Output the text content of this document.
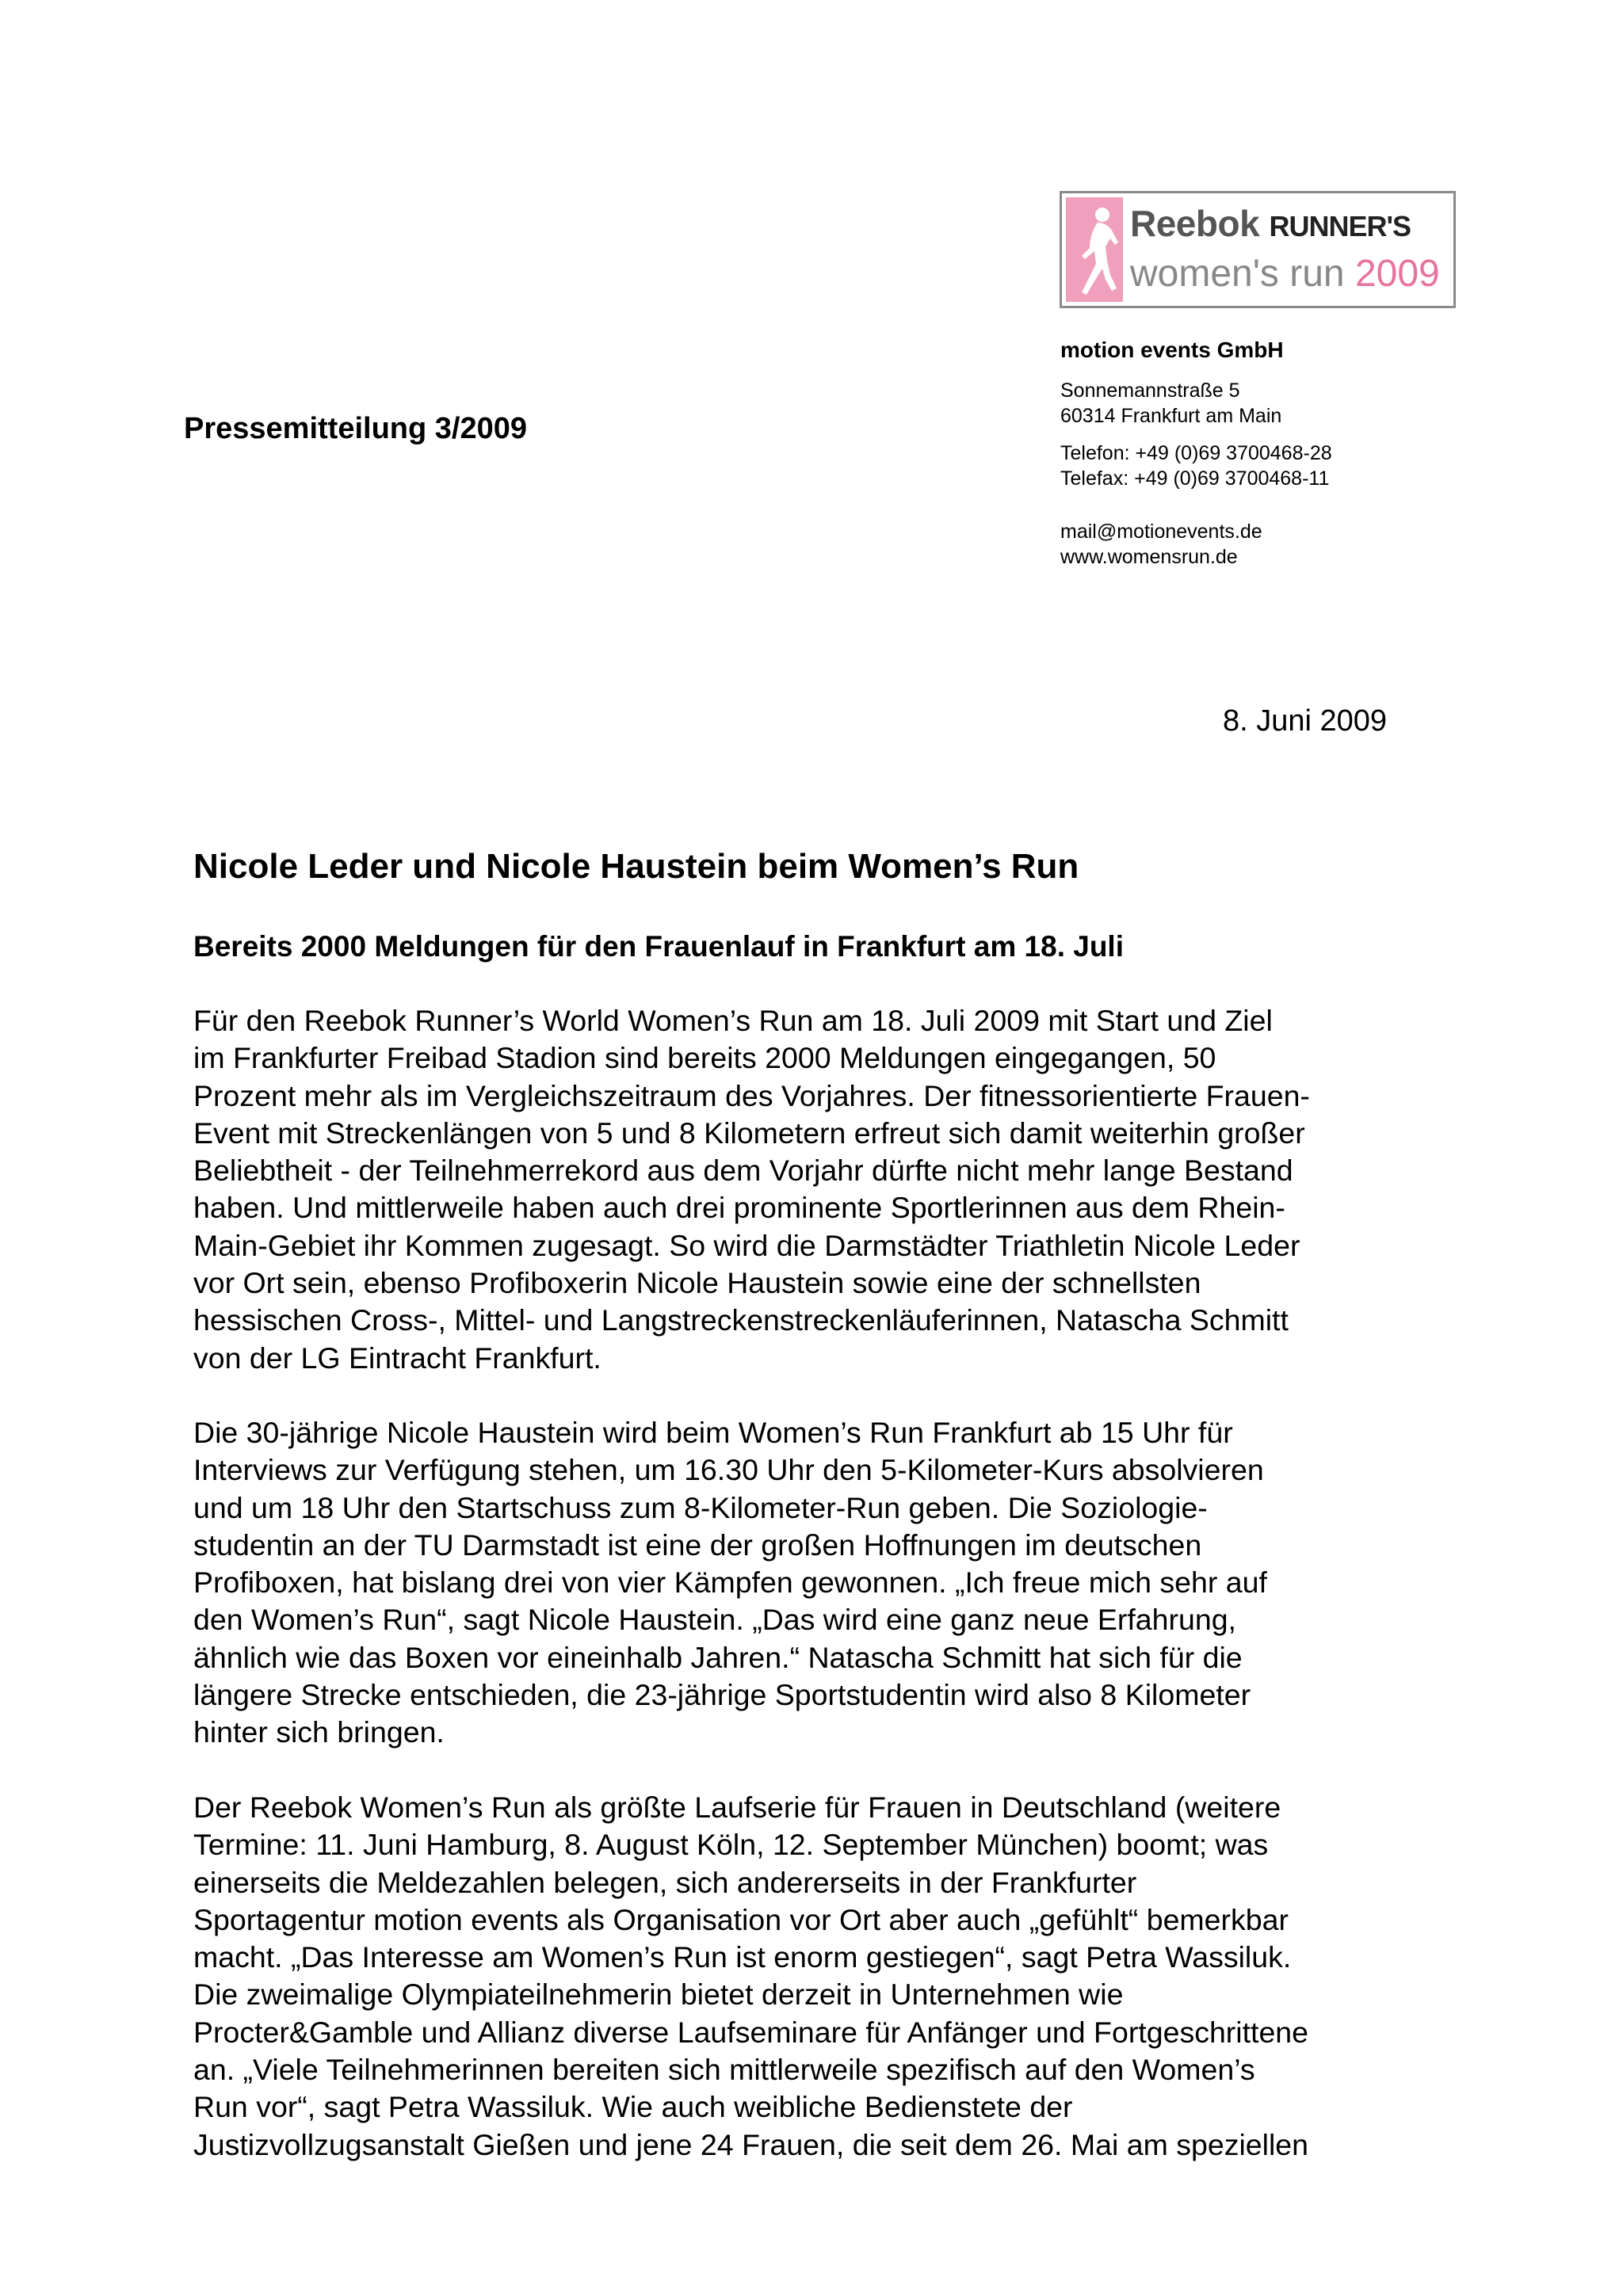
Reebok RUNNER'S
women's run 2009
motion events GmbH
Sonnemannstraße 5
60314 Frankfurt am Main
Telefon: +49 (0)69 3700468-28
Telefax: +49 (0)69 3700468-11
mail@motionevents.de
www.womensrun.de
Pressemitteilung 3/2009
8. Juni 2009
Nicole Leder und Nicole Haustein beim Women’s Run
Bereits 2000 Meldungen für den Frauenlauf in Frankfurt am 18. Juli
Für den Reebok Runner’s World Women’s Run am 18. Juli 2009 mit Start und Ziel
im Frankfurter Freibad Stadion sind bereits 2000 Meldungen eingegangen, 50
Prozent mehr als im Vergleichszeitraum des Vorjahres. Der fitnessorientierte Frauen-
Event mit Streckenlängen von 5 und 8 Kilometern erfreut sich damit weiterhin großer
Beliebtheit - der Teilnehmerrekord aus dem Vorjahr dürfte nicht mehr lange Bestand
haben. Und mittlerweile haben auch drei prominente Sportlerinnen aus dem Rhein-
Main-Gebiet ihr Kommen zugesagt. So wird die Darmstädter Triathletin Nicole Leder
vor Ort sein, ebenso Profiboxerin Nicole Haustein sowie eine der schnellsten
hessischen Cross-, Mittel- und Langstreckenstreckenläuferinnen, Natascha Schmitt
von der LG Eintracht Frankfurt.
Die 30-jährige Nicole Haustein wird beim Women’s Run Frankfurt ab 15 Uhr für
Interviews zur Verfügung stehen, um 16.30 Uhr den 5-Kilometer-Kurs absolvieren
und um 18 Uhr den Startschuss zum 8-Kilometer-Run geben. Die Soziologie-
studentin an der TU Darmstadt ist eine der großen Hoffnungen im deutschen
Profiboxen, hat bislang drei von vier Kämpfen gewonnen. „Ich freue mich sehr auf
den Women’s Run“, sagt Nicole Haustein. „Das wird eine ganz neue Erfahrung,
ähnlich wie das Boxen vor eineinhalb Jahren.“ Natascha Schmitt hat sich für die
längere Strecke entschieden, die 23-jährige Sportstudentin wird also 8 Kilometer
hinter sich bringen.
Der Reebok Women’s Run als größte Laufserie für Frauen in Deutschland (weitere
Termine: 11. Juni Hamburg, 8. August Köln, 12. September München) boomt; was
einerseits die Meldezahlen belegen, sich andererseits in der Frankfurter
Sportagentur motion events als Organisation vor Ort aber auch „gefühlt“ bemerkbar
macht. „Das Interesse am Women’s Run ist enorm gestiegen“, sagt Petra Wassiluk.
Die zweimalige Olympiateilnehmerin bietet derzeit in Unternehmen wie
Procter&Gamble und Allianz diverse Laufseminare für Anfänger und Fortgeschrittene
an. „Viele Teilnehmerinnen bereiten sich mittlerweile spezifisch auf den Women’s
Run vor“, sagt Petra Wassiluk. Wie auch weibliche Bedienstete der
Justizvollzugsanstalt Gießen und jene 24 Frauen, die seit dem 26. Mai am speziellen
